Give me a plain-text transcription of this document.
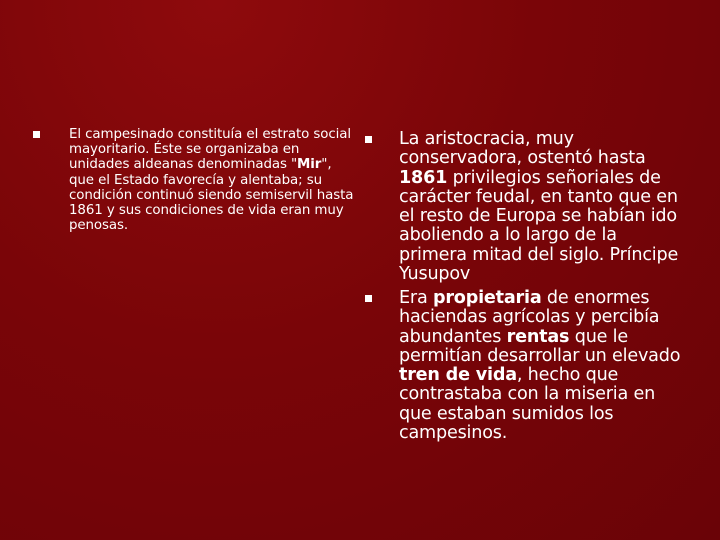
El campesinado constituía el estrato social mayoritario. Éste se organizaba en unidades aldeanas denominadas "Mir", que el Estado favorecía y alentaba; su condición continuó siendo semiservil hasta 1861 y sus condiciones de vida eran muy penosas.
La aristocracia, muy conservadora, ostentó hasta 1861 privilegios señoriales de carácter feudal, en tanto que en el resto de Europa se habían ido aboliendo a lo largo de la primera mitad del siglo. Príncipe Yusupov
Era propietaria de enormes haciendas agrícolas y percibía abundantes rentas que le permitían desarrollar un elevado tren de vida, hecho que contrastaba con la miseria en que estaban sumidos los campesinos.
